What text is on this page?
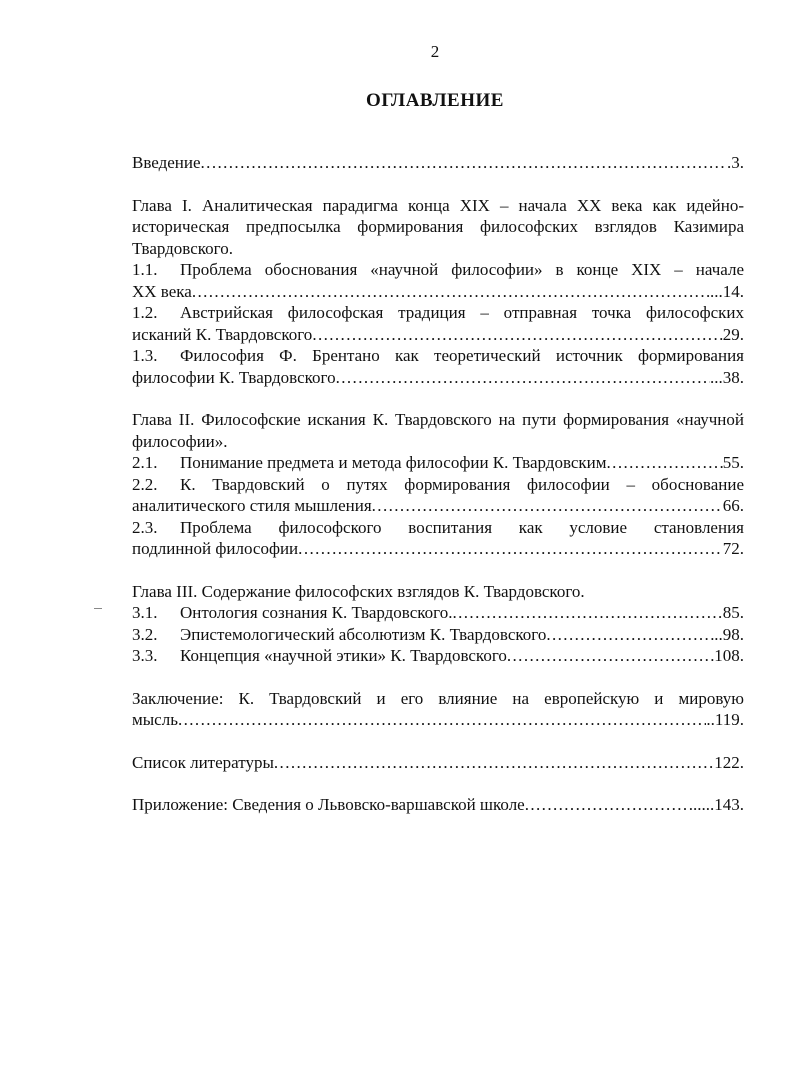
2
ОГЛАВЛЕНИЕ
Введение .....	.3.
Глава I. Аналитическая парадигма конца XIX – начала XX века как идейно-историческая предпосылка формирования философских взглядов Казимира Твардовского.
1.1.	Проблема обоснования «научной философии» в конце XIX – начале
XX века .....	...14.
1.2.	Австрийская философская традиция – отправная точка философских
исканий К. Твардовского .....	29.
1.3.	Философия Ф. Брентано как теоретический источник формирования
философии К. Твардовского .....	...38.
Глава II. Философские искания К. Твардовского на пути формирования «научной философии».
2.1.	Понимание предмета и метода философии К. Твардовским .....	55.
2.2.	К. Твардовский о путях формирования философии – обоснование
аналитического стиля мышления .....	66.
2.3.	Проблема философского воспитания как условие становления
подлинной философии .....	72.
Глава III. Содержание философских взглядов К. Твардовского.
3.1.	Онтология сознания К. Твардовского. .....	85.
3.2.	Эпистемологический абсолютизм К. Твардовского .....	..98.
3.3.	Концепция «научной этики» К. Твардовского .....	108.
Заключение: К. Твардовский и его влияние на европейскую и мировую
мысль .....	..119.
Список литературы .....	122.
Приложение: Сведения о Львовско-варшавской школе .....	......143.
